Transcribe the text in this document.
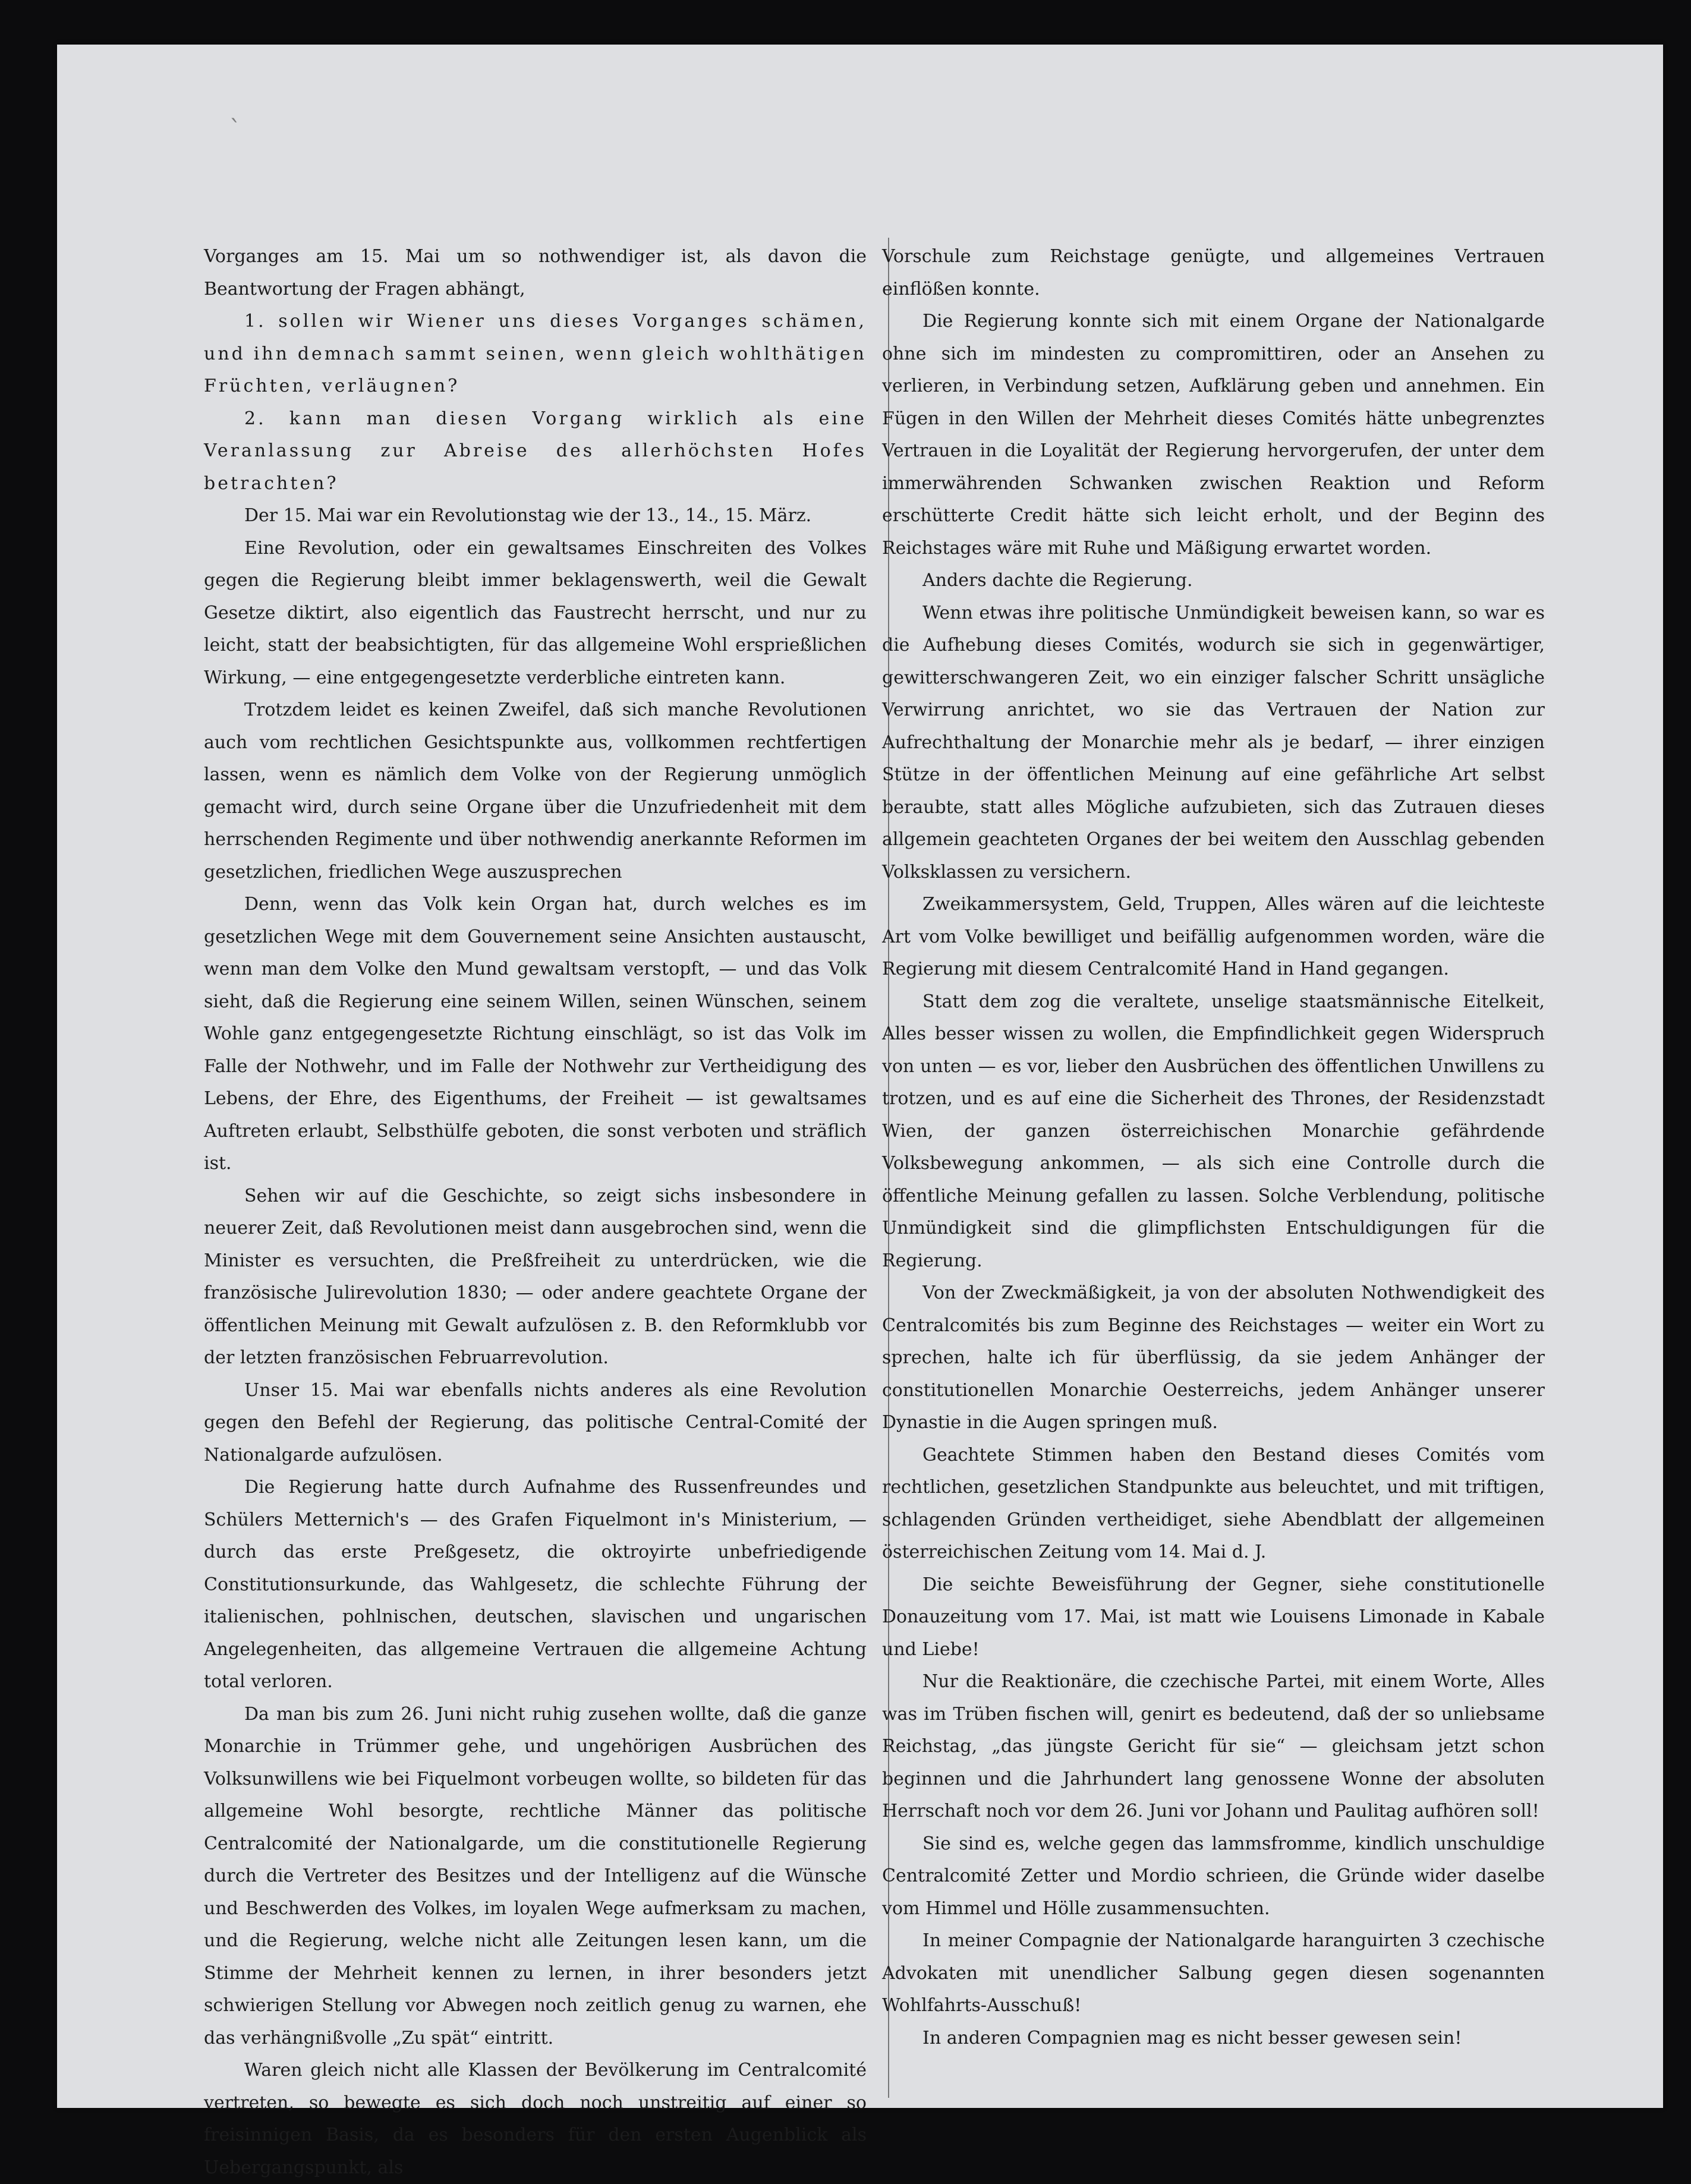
ˋ

Vorganges am 15. Mai um so nothwendiger ist, als davon die Beantwortung der Fragen abhängt,

1. sollen wir Wiener uns dieses Vorganges schämen, und ihn demnach sammt seinen, wenn gleich wohlthätigen Früchten, verläugnen?

2. kann man diesen Vorgang wirklich als eine Veranlassung zur Abreise des allerhöchsten Hofes betrachten?

Der 15. Mai war ein Revolutionstag wie der 13., 14., 15. März.

Eine Revolution, oder ein gewaltsames Einschreiten des Volkes gegen die Regierung bleibt immer beklagenswerth, weil die Gewalt Gesetze diktirt, also eigentlich das Faustrecht herrscht, und nur zu leicht, statt der beabsichtigten, für das allgemeine Wohl ersprießlichen Wirkung, — eine entgegengesetzte verderbliche eintreten kann.

Trotzdem leidet es keinen Zweifel, daß sich manche Revolutionen auch vom rechtlichen Gesichtspunkte aus, vollkommen rechtfertigen lassen, wenn es nämlich dem Volke von der Regierung unmöglich gemacht wird, durch seine Organe über die Unzufriedenheit mit dem herrschenden Regimente und über nothwendig anerkannte Reformen im gesetzlichen, friedlichen Wege auszusprechen

Denn, wenn das Volk kein Organ hat, durch welches es im gesetzlichen Wege mit dem Gouvernement seine Ansichten austauscht, wenn man dem Volke den Mund gewaltsam verstopft, — und das Volk sieht, daß die Regierung eine seinem Willen, seinen Wünschen, seinem Wohle ganz entgegengesetzte Richtung einschlägt, so ist das Volk im Falle der Nothwehr, und im Falle der Nothwehr zur Vertheidigung des Lebens, der Ehre, des Eigenthums, der Freiheit — ist gewaltsames Auftreten erlaubt, Selbsthülfe geboten, die sonst verboten und sträflich ist.

Sehen wir auf die Geschichte, so zeigt sichs insbesondere in neuerer Zeit, daß Revolutionen meist dann ausgebrochen sind, wenn die Minister es versuchten, die Preßfreiheit zu unterdrücken, wie die französische Julirevolution 1830; — oder andere geachtete Organe der öffentlichen Meinung mit Gewalt aufzulösen z. B. den Reformklubb vor der letzten französischen Februarrevolution.

Unser 15. Mai war ebenfalls nichts anderes als eine Revolution gegen den Befehl der Regierung, das politische Central-Comité der Nationalgarde aufzulösen.

Die Regierung hatte durch Aufnahme des Russenfreundes und Schülers Metternich's — des Grafen Fiquelmont in's Ministerium, — durch das erste Preßgesetz, die oktroyirte unbefriedigende Constitutionsurkunde, das Wahlgesetz, die schlechte Führung der italienischen, pohlnischen, deutschen, slavischen und ungarischen Angelegenheiten, das allgemeine Vertrauen die allgemeine Achtung total verloren.

Da man bis zum 26. Juni nicht ruhig zusehen wollte, daß die ganze Monarchie in Trümmer gehe, und ungehörigen Ausbrüchen des Volksunwillens wie bei Fiquelmont vorbeugen wollte, so bildeten für das allgemeine Wohl besorgte, rechtliche Männer das politische Centralcomité der Nationalgarde, um die constitutionelle Regierung durch die Vertreter des Besitzes und der Intelligenz auf die Wünsche und Beschwerden des Volkes, im loyalen Wege aufmerksam zu machen, und die Regierung, welche nicht alle Zeitungen lesen kann, um die Stimme der Mehrheit kennen zu lernen, in ihrer besonders jetzt schwierigen Stellung vor Abwegen noch zeitlich genug zu warnen, ehe das verhängnißvolle „Zu spät“ eintritt.

Waren gleich nicht alle Klassen der Bevölkerung im Centralcomité vertreten, so bewegte es sich doch noch unstreitig auf einer so freisinnigen Basis, da es besonders für den ersten Augenblick als Uebergangspunkt, als

Vorschule zum Reichstage genügte, und allgemeines Vertrauen einflößen konnte.

Die Regierung konnte sich mit einem Organe der Nationalgarde ohne sich im mindesten zu compromittiren, oder an Ansehen zu verlieren, in Verbindung setzen, Aufklärung geben und annehmen. Ein Fügen in den Willen der Mehrheit dieses Comités hätte unbegrenztes Vertrauen in die Loyalität der Regierung hervorgerufen, der unter dem immerwährenden Schwanken zwischen Reaktion und Reform erschütterte Credit hätte sich leicht erholt, und der Beginn des Reichstages wäre mit Ruhe und Mäßigung erwartet worden.

Anders dachte die Regierung.

Wenn etwas ihre politische Unmündigkeit beweisen kann, so war es die Aufhebung dieses Comités, wodurch sie sich in gegenwärtiger, gewitterschwangeren Zeit, wo ein einziger falscher Schritt unsägliche Verwirrung anrichtet, wo sie das Vertrauen der Nation zur Aufrechthaltung der Monarchie mehr als je bedarf, — ihrer einzigen Stütze in der öffentlichen Meinung auf eine gefährliche Art selbst beraubte, statt alles Mögliche aufzubieten, sich das Zutrauen dieses allgemein geachteten Organes der bei weitem den Ausschlag gebenden Volksklassen zu versichern.

Zweikammersystem, Geld, Truppen, Alles wären auf die leichteste Art vom Volke bewilliget und beifällig aufgenommen worden, wäre die Regierung mit diesem Centralcomité Hand in Hand gegangen.

Statt dem zog die veraltete, unselige staatsmännische Eitelkeit, Alles besser wissen zu wollen, die Empfindlichkeit gegen Widerspruch von unten — es vor, lieber den Ausbrüchen des öffentlichen Unwillens zu trotzen, und es auf eine die Sicherheit des Thrones, der Residenzstadt Wien, der ganzen österreichischen Monarchie gefährdende Volksbewegung ankommen, — als sich eine Controlle durch die öffentliche Meinung gefallen zu lassen. Solche Verblendung, politische Unmündigkeit sind die glimpflichsten Entschuldigungen für die Regierung.

Von der Zweckmäßigkeit, ja von der absoluten Nothwendigkeit des Centralcomités bis zum Beginne des Reichstages — weiter ein Wort zu sprechen, halte ich für überflüssig, da sie jedem Anhänger der constitutionellen Monarchie Oesterreichs, jedem Anhänger unserer Dynastie in die Augen springen muß.

Geachtete Stimmen haben den Bestand dieses Comités vom rechtlichen, gesetzlichen Standpunkte aus beleuchtet, und mit triftigen, schlagenden Gründen vertheidiget, siehe Abendblatt der allgemeinen österreichischen Zeitung vom 14. Mai d. J.

Die seichte Beweisführung der Gegner, siehe constitutionelle Donauzeitung vom 17. Mai, ist matt wie Louisens Limonade in Kabale und Liebe!

Nur die Reaktionäre, die czechische Partei, mit einem Worte, Alles was im Trüben fischen will, genirt es bedeutend, daß der so unliebsame Reichstag, „das jüngste Gericht für sie“ — gleichsam jetzt schon beginnen und die Jahrhundert lang genossene Wonne der absoluten Herrschaft noch vor dem 26. Juni vor Johann und Paulitag aufhören soll!

Sie sind es, welche gegen das lammsfromme, kindlich unschuldige Centralcomité Zetter und Mordio schrieen, die Gründe wider daselbe vom Himmel und Hölle zusammensuchten.

In meiner Compagnie der Nationalgarde haranguirten 3 czechische Advokaten mit unendlicher Salbung gegen diesen sogenannten Wohlfahrts-Ausschuß!

In anderen Compagnien mag es nicht besser gewesen sein!
